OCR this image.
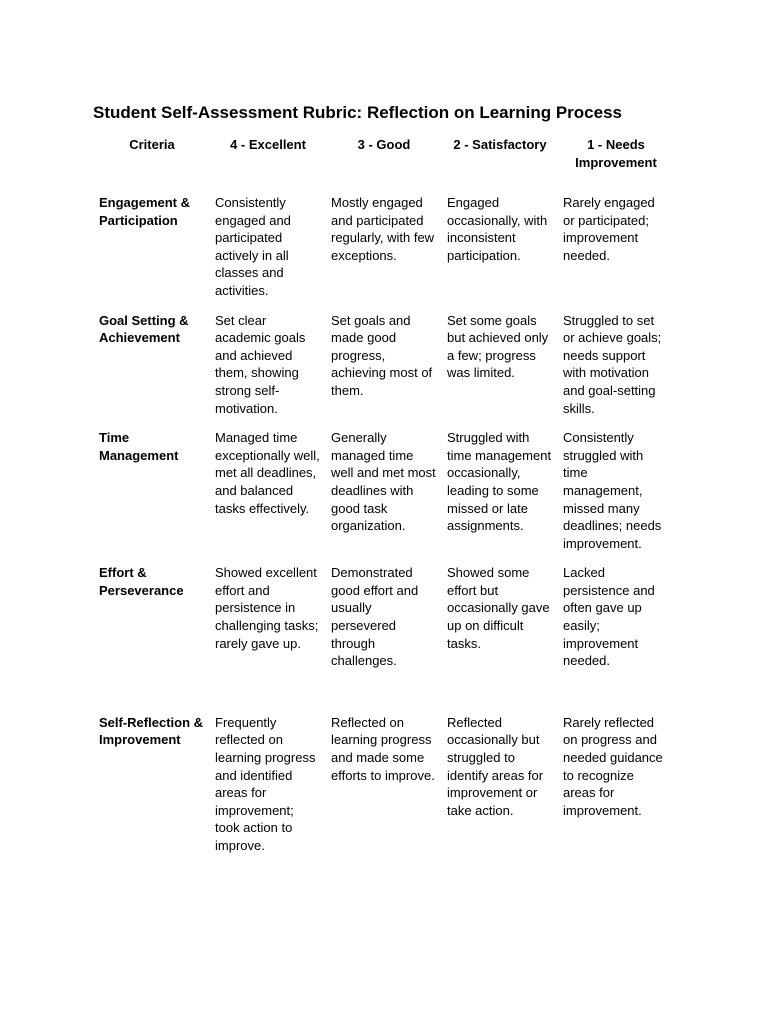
Student Self-Assessment Rubric: Reflection on Learning Process
Criteria	4 - Excellent	3 - Good	2 - Satisfactory	1 - Needs Improvement
Engagement & Participation	Consistently engaged and participated actively in all classes and activities.	Mostly engaged and participated regularly, with few exceptions.	Engaged occasionally, with inconsistent participation.	Rarely engaged or participated; improvement needed.
Goal Setting & Achievement	Set clear academic goals and achieved them, showing strong self-motivation.	Set goals and made good progress, achieving most of them.	Set some goals but achieved only a few; progress was limited.	Struggled to set or achieve goals; needs support with motivation and goal-setting skills.
Time Management	Managed time exceptionally well, met all deadlines, and balanced tasks effectively.	Generally managed time well and met most deadlines with good task organization.	Struggled with time management occasionally, leading to some missed or late assignments.	Consistently struggled with time management, missed many deadlines; needs improvement.
Effort & Perseverance	Showed excellent effort and persistence in challenging tasks; rarely gave up.	Demonstrated good effort and usually persevered through challenges.	Showed some effort but occasionally gave up on difficult tasks.	Lacked persistence and often gave up easily; improvement needed.
Self-Reflection & Improvement	Frequently reflected on learning progress and identified areas for improvement; took action to improve.	Reflected on learning progress and made some efforts to improve.	Reflected occasionally but struggled to identify areas for improvement or take action.	Rarely reflected on progress and needed guidance to recognize areas for improvement.
